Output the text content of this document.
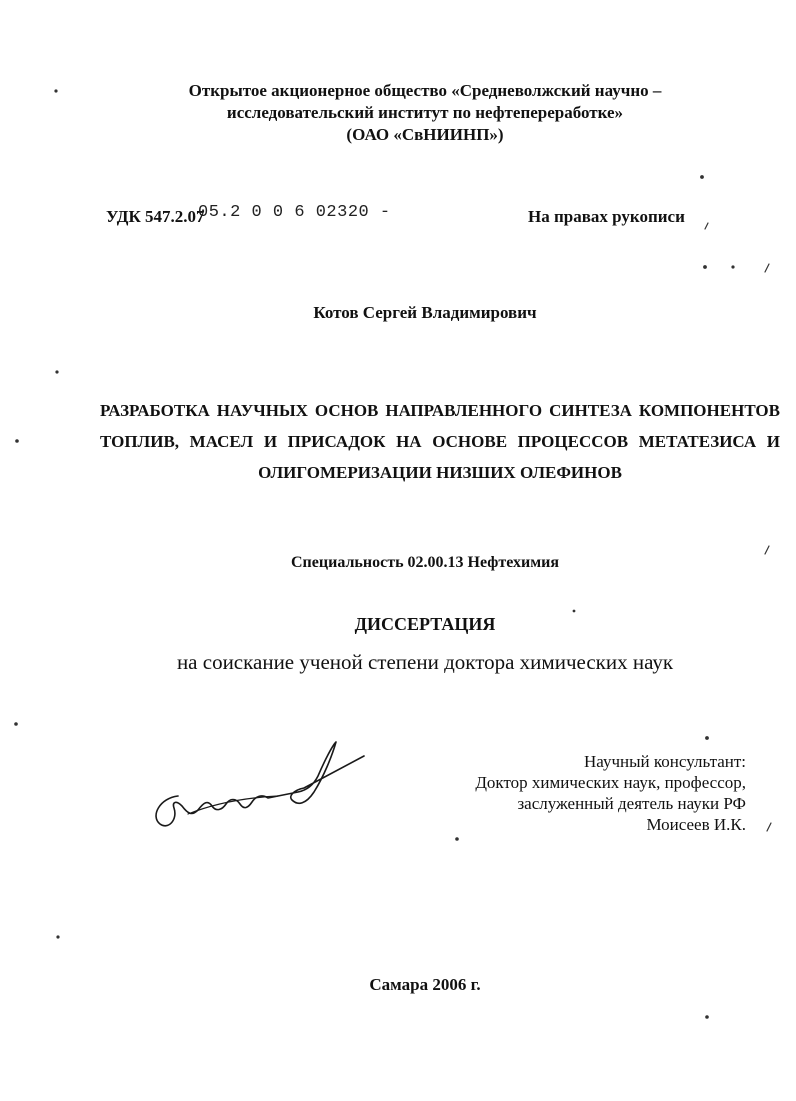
Открытое акционерное общество «Средневолжский научно –
исследовательский институт по нефтепереработке»
(ОАО «СвНИИНП»)
УДК 547.2.07
05.2 0 0 6 02320 -	На правах рукописи
Котов Сергей Владимирович
РАЗРАБОТКА НАУЧНЫХ ОСНОВ НАПРАВЛЕННОГО СИНТЕЗА КОМПОНЕНТОВ ТОПЛИВ, МАСЕЛ И ПРИСАДОК НА ОСНОВЕ ПРОЦЕССОВ МЕТАТЕЗИСА И ОЛИГОМЕРИЗАЦИИ НИЗШИХ ОЛЕФИНОВ
Специальность 02.00.13 Нефтехимия
ДИССЕРТАЦИЯ
на соискание ученой степени доктора химических наук
Научный консультант:
Доктор химических наук, профессор,
заслуженный деятель науки РФ
Моисеев И.К.
Самара 2006 г.
